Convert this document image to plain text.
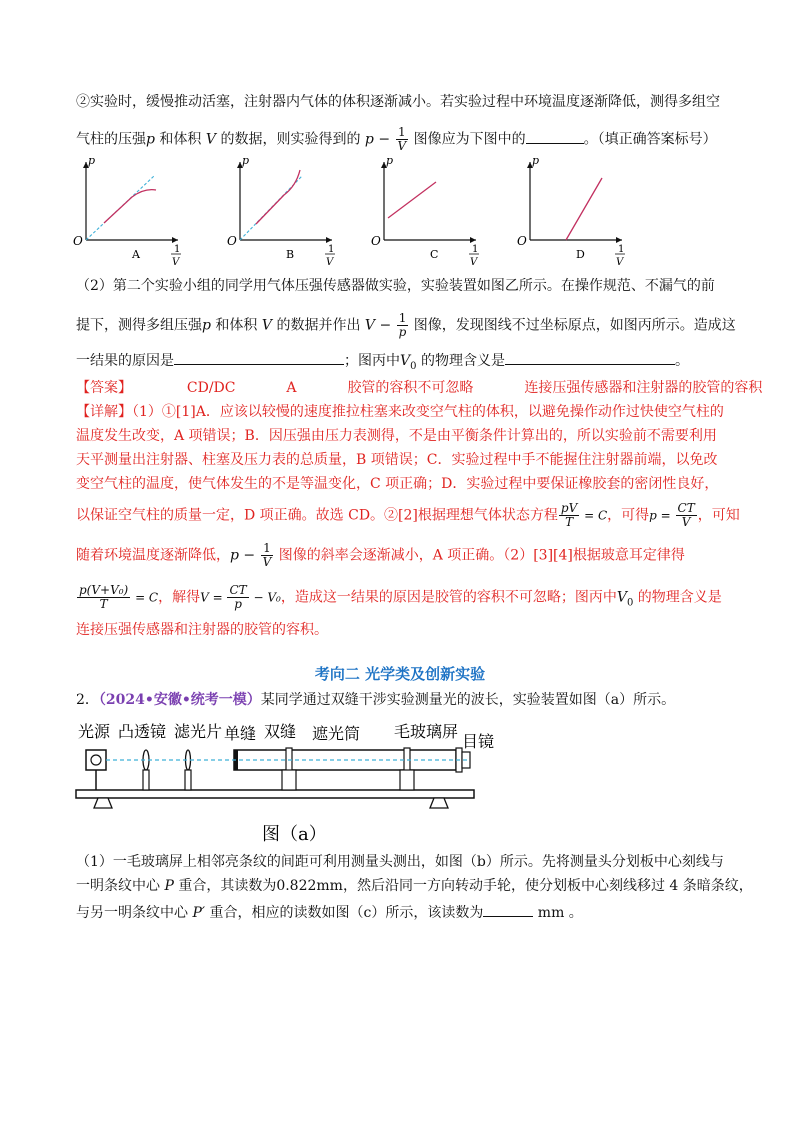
②实验时，缓慢推动活塞，注射器内气体的体积逐渐减小。若实验过程中环境温度逐渐降低，测得多组空
气柱的压强p 和体积 V 的数据，则实验得到的 $p - \frac{1}{V}$ 图像应为下图中的	。（填正确答案标号）
p
O
A	1
V
p
O
B	1
V
p
O
C	1
V
p
O
D	1
V
（2）第二个实验小组的同学用气体压强传感器做实验，实验装置如图乙所示。在操作规范、不漏气的前
提下，测得多组压强p 和体积 V 的数据并作出 $V - \frac{1}{p}$ 图像，发现图线不过坐标原点，如图丙所示。造成这
一结果的原因是	；图丙中$V_0$ 的物理含义是	。
【答案】	CD/DC	A	胶管的容积不可忽略	连接压强传感器和注射器的胶管的容积
【详解】（1）①[1]A．应该以较慢的速度推拉柱塞来改变空气柱的体积，以避免操作动作过快使空气柱的
温度发生改变，A 项错误；B．因压强由压力表测得，不是由平衡条件计算出的，所以实验前不需要利用
天平测量出注射器、柱塞及压力表的总质量，B 项错误；C．实验过程中手不能握住注射器前端，以免改
变空气柱的温度，使气体发生的不是等温变化，C 项正确；D．实验过程中要保证橡胶套的密闭性良好，
以保证空气柱的质量一定，D 项正确。故选 CD。②[2]根据理想气体状态方程 $\frac{pV}{T} = C$，可得$p = \frac{CT}{V}$ ，可知
随着环境温度逐渐降低，$p - \frac{1}{V}$ 图像的斜率会逐渐减小，A 项正确。（2）[3][4]根据玻意耳定律得
$\frac{\text{p(V+V₀)}}{T} = C$，解得$V = \frac{CT}{p} - V_0$，造成这一结果的原因是胶管的容积不可忽略；图丙中$V_0$ 的物理含义是
连接压强传感器和注射器的胶管的容积。
考向二 光学类及创新实验
2．（2024•安徽•统考一模）某同学通过双缝干涉实验测量光的波长，实验装置如图（a）所示。
光源 凸透镜 滤光片 单缝 双缝 遮光筒 毛玻璃屏
目镜
图（a）
（1）一毛玻璃屏上相邻亮条纹的间距可利用测量头测出，如图（b）所示。先将测量头分划板中心刻线与
一明条纹中心 P 重合，其读数为0.822mm，然后沿同一方向转动手轮，使分划板中心刻线移过 4 条暗条纹，
与另一明条纹中心 P′ 重合，相应的读数如图（c）所示，该读数为	mm 。
